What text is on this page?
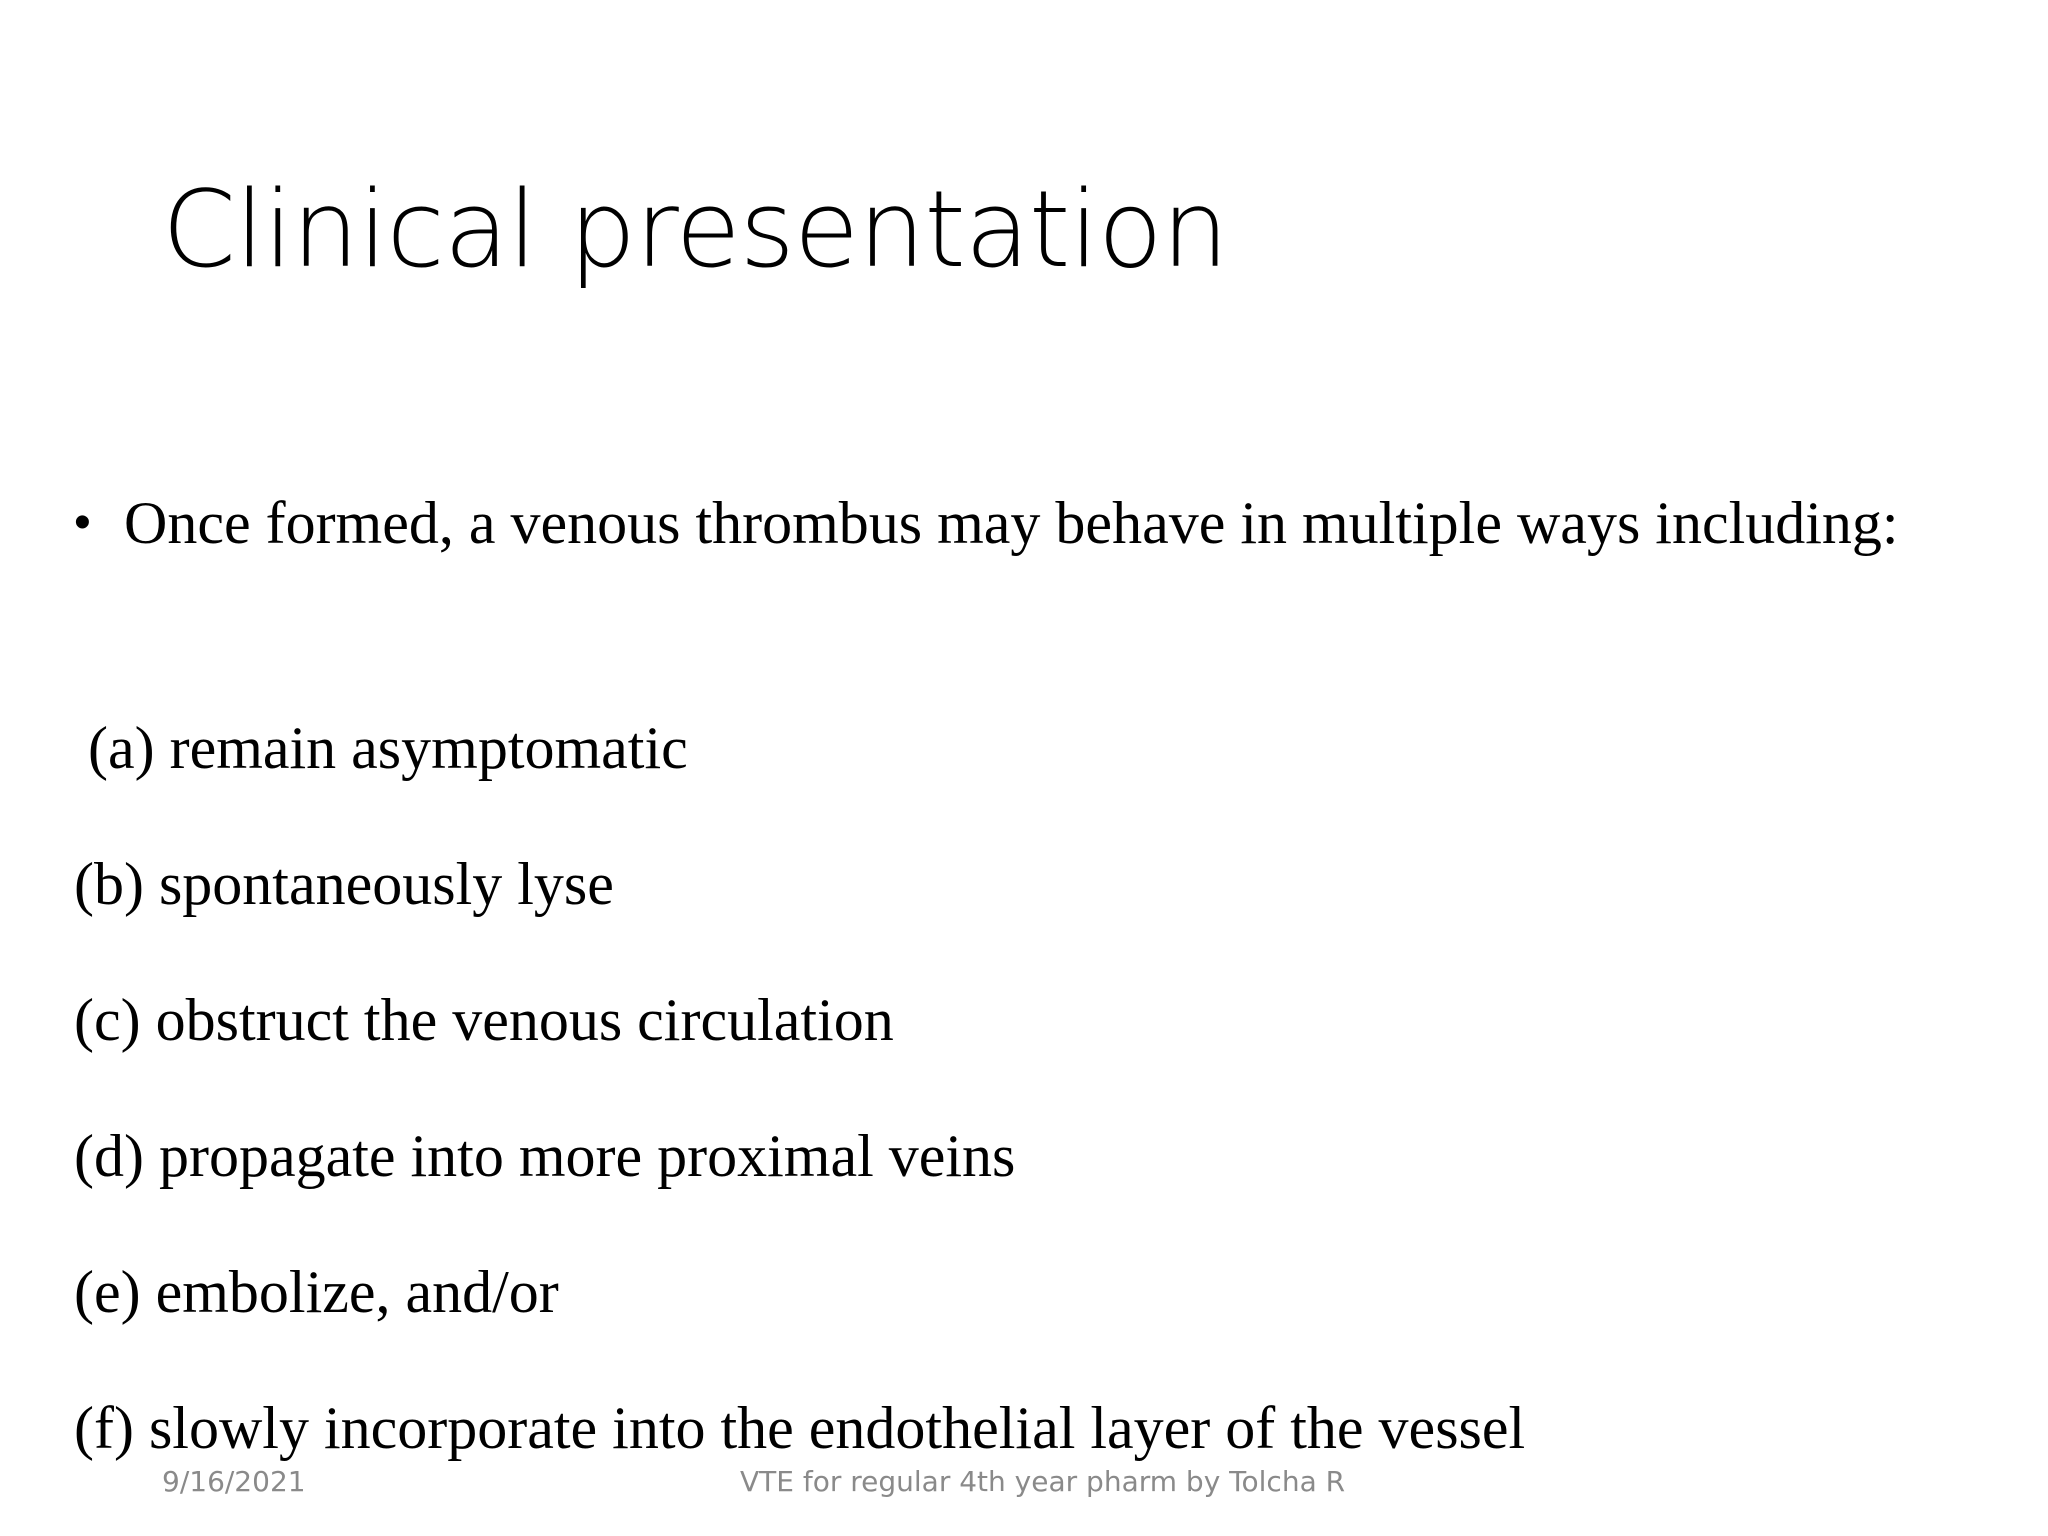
Clinical presentation
• Once formed, a venous thrombus may behave in multiple ways including:
(a) remain asymptomatic
(b) spontaneously lyse
(c) obstruct the venous circulation
(d) propagate into more proximal veins
(e) embolize, and/or
(f) slowly incorporate into the endothelial layer of the vessel
9/16/2021	VTE for regular 4th year pharm by Tolcha R
